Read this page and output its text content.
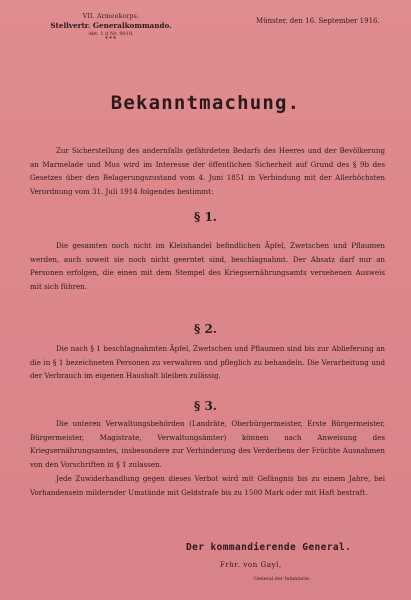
VII. Armeekorps.
Stellvertr. Generalkommando.
Abt. 1 d Nr. 9018.
***
Münster, den 16. September 1916.
Bekanntmachung.

Zur Sicherstellung des andernfalls gefährdeten Bedarfs des Heeres und der Bevölkerung an Marmelade und Mus wird im Interesse der öffentlichen Sicherheit auf Grund des § 9b des Gesetzes über den Belagerungszustand vom 4. Juni 1851 in Verbindung mit der Allerhöchsten Verordnung vom 31. Juli 1914 folgendes bestimmt:

§ 1.

Die gesamten noch nicht im Kleinhandel befindlichen Äpfel, Zwetschen und Pflaumen werden, auch soweit sie noch nicht geerntet sind, beschlagnahmt. Der Absatz darf nur an Personen erfolgen, die einen mit dem Stempel des Kriegsernährungsamts versehenen Ausweis mit sich führen.

§ 2.

Die nach § 1 beschlagnahmten Äpfel, Zwetschen und Pflaumen sind bis zur Ablieferung an die in § 1 bezeichneten Personen zu verwahren und pfleglich zu behandeln. Die Verarbeitung und der Verbrauch im eigenen Haushalt bleiben zulässig.

§ 3.

Die unteren Verwaltungsbehörden (Landräte, Oberbürgermeister, Erste Bürgermeister, Bürgermeister, Magistrate, Verwaltungsämter) können nach Anweisung des Kriegsernährungsamtes, insbesondere zur Verhinderung des Verderbens der Früchte Ausnahmen von den Vorschriften in § 1 zulassen.

Jede Zuwiderhandlung gegen dieses Verbot wird mit Gefängnis bis zu einem Jahre, bei Vorhandensein mildernder Umstände mit Geldstrafe bis zu 1500 Mark oder mit Haft bestraft.

Der kommandierende General.
Frhr. von Gayl,
General der Infanterie.
